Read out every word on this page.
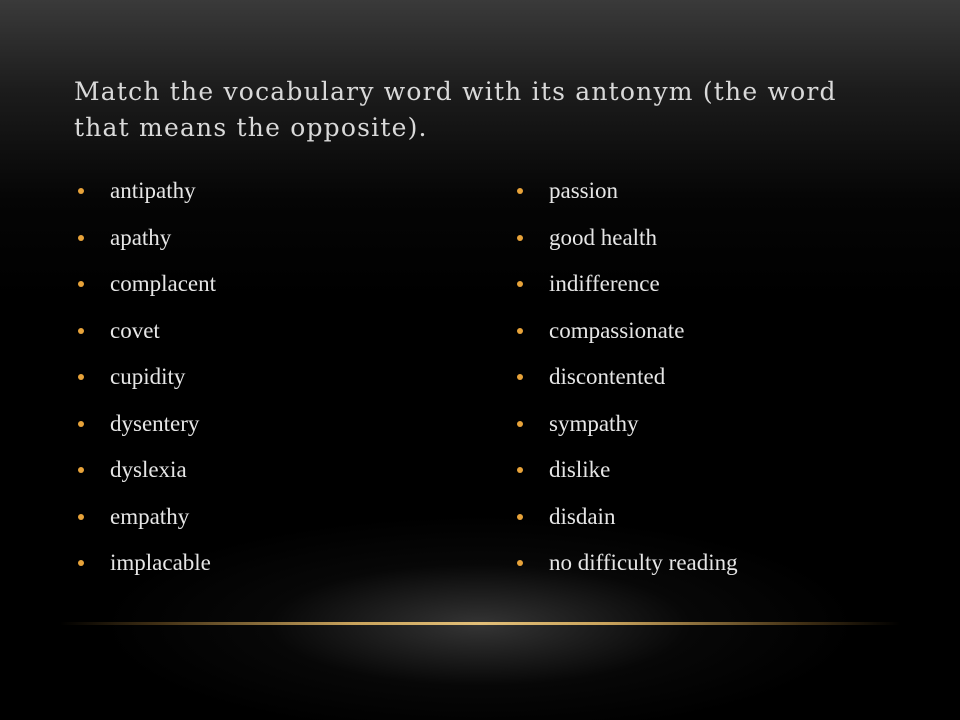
Match the vocabulary word with its antonym (the word that means the opposite).
antipathy
apathy
complacent
covet
cupidity
dysentery
dyslexia
empathy
implacable
passion
good health
indifference
compassionate
discontented
sympathy
dislike
disdain
no difficulty reading
